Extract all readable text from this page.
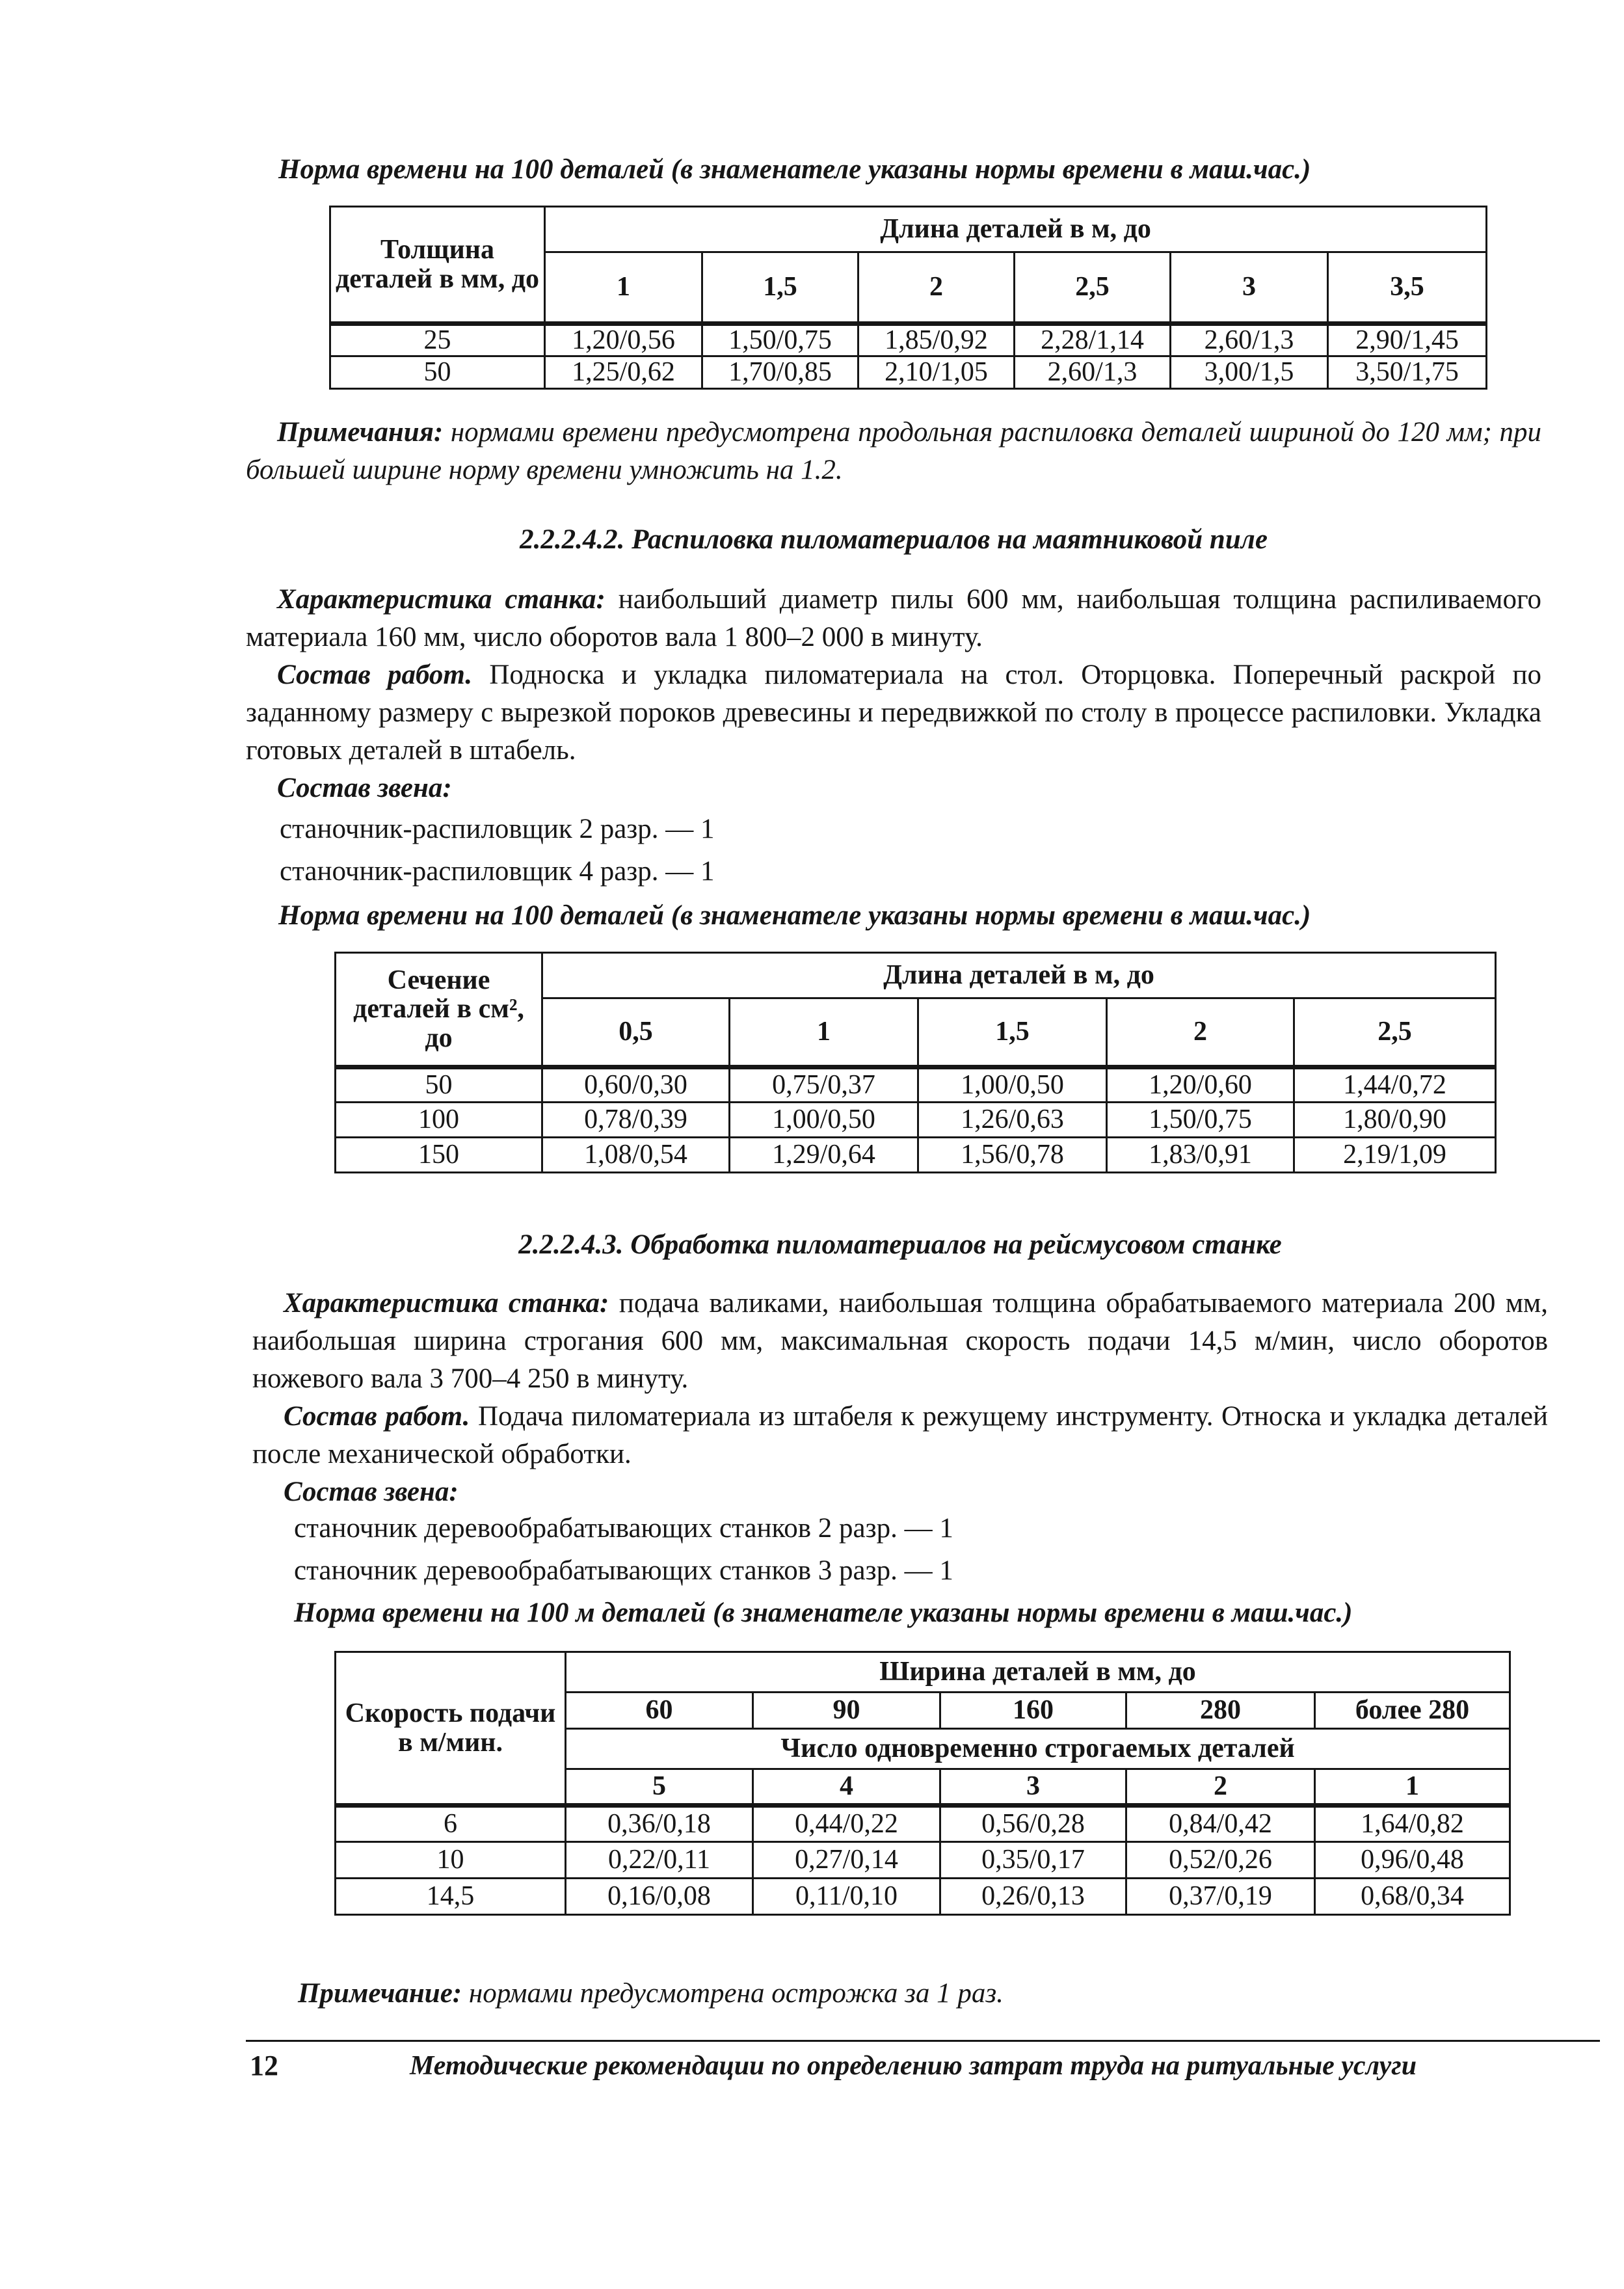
Норма времени на 100 деталей (в знаменателе указаны нормы времени в маш.час.)
Толщина деталей в мм, до	Длина деталей в м, до					
	1	1,5	2	2,5	3	3,5
25	1,20/0,56	1,50/0,75	1,85/0,92	2,28/1,14	2,60/1,3	2,90/1,45
50	1,25/0,62	1,70/0,85	2,10/1,05	2,60/1,3	3,00/1,5	3,50/1,75

Примечания: нормами времени предусмотрена продольная распиловка деталей шириной до 120 мм; при большей ширине норму времени умножить на 1.2.

2.2.2.4.2. Распиловка пиломатериалов на маятниковой пиле

Характеристика станка: наибольший диаметр пилы 600 мм, наибольшая толщина распиливаемого материала 160 мм, число оборотов вала 1 800–2 000 в минуту.

Состав работ. Подноска и укладка пиломатериала на стол. Оторцовка. Поперечный раскрой по заданному размеру с вырезкой пороков древесины и передвижкой по столу в процессе распиловки. Укладка готовых деталей в штабель.

Состав звена:

станочник-распиловщик 2 разр. — 1
станочник-распиловщик 4 разр. — 1
Норма времени на 100 деталей (в знаменателе указаны нормы времени в маш.час.)
Сечение деталей в см², до	Длина деталей в м, до				
	0,5	1	1,5	2	2,5
50	0,60/0,30	0,75/0,37	1,00/0,50	1,20/0,60	1,44/0,72
100	0,78/0,39	1,00/0,50	1,26/0,63	1,50/0,75	1,80/0,90
150	1,08/0,54	1,29/0,64	1,56/0,78	1,83/0,91	2,19/1,09
2.2.2.4.3. Обработка пиломатериалов на рейсмусовом станке

Характеристика станка: подача валиками, наибольшая толщина обрабатываемого материала 200 мм, наибольшая ширина строгания 600 мм, максимальная скорость подачи 14,5 м/мин, число оборотов ножевого вала 3 700–4 250 в минуту.

Состав работ. Подача пиломатериала из штабеля к режущему инструменту. Относка и укладка деталей после механической обработки.

Состав звена:

станочник деревообрабатывающих станков 2 разр. — 1
станочник деревообрабатывающих станков 3 разр. — 1
Норма времени на 100 м деталей (в знаменателе указаны нормы времени в маш.час.)
Скорость подачи в м/мин.	Ширина деталей в мм, до				
	60	90	160	280	более 280
	Число одновременно строгаемых деталей				
	5	4	3	2	1
6	0,36/0,18	0,44/0,22	0,56/0,28	0,84/0,42	1,64/0,82
10	0,22/0,11	0,27/0,14	0,35/0,17	0,52/0,26	0,96/0,48
14,5	0,16/0,08	0,11/0,10	0,26/0,13	0,37/0,19	0,68/0,34
Примечание: нормами предусмотрена острожка за 1 раз.
12	Методические рекомендации по определению затрат труда на ритуальные услуги
